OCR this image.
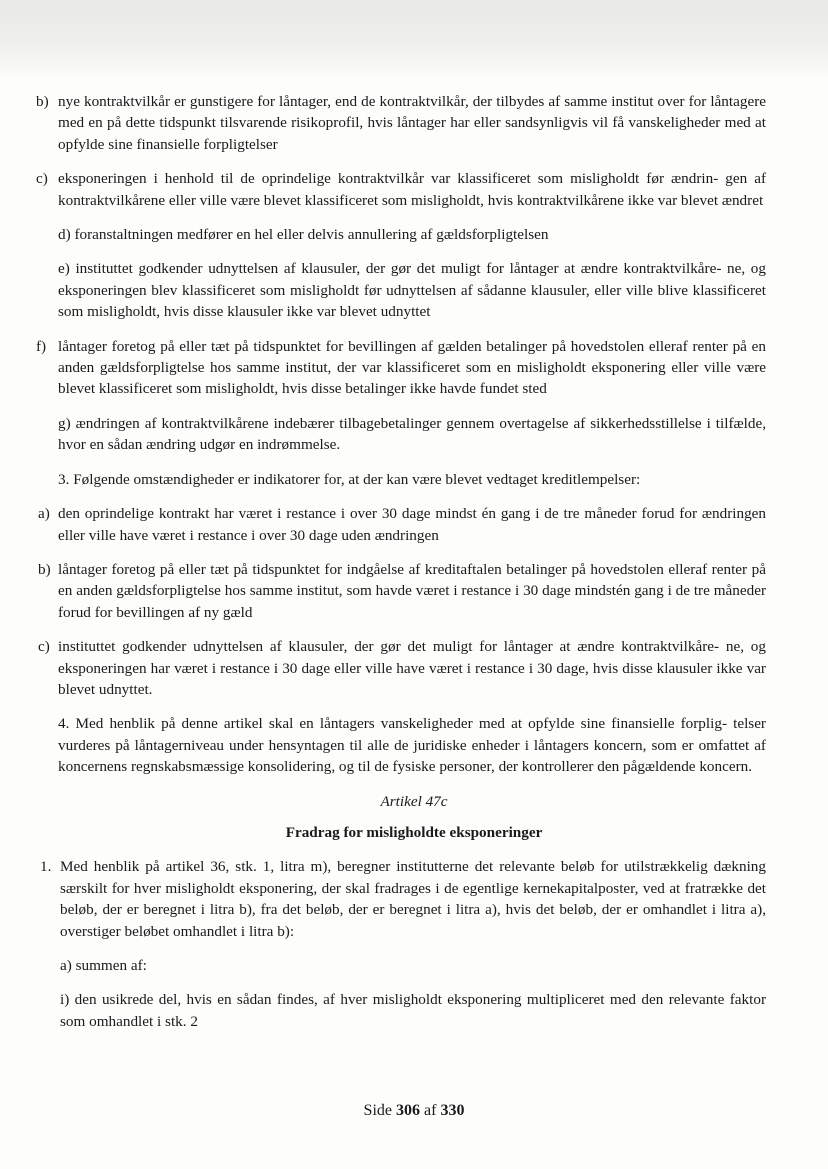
b) nye kontraktvilkår er gunstigere for låntager, end de kontraktvilkår, der tilbydes af samme institut over for låntagere med en på dette tidspunkt tilsvarende risikoprofil, hvis låntager har eller sandsynligvis vil få vanskeligheder med at opfylde sine finansielle forpligtelser
c) eksponeringen i henhold til de oprindelige kontraktvilkår var klassificeret som misligholdt før ændrin- gen af kontraktvilkårene eller ville være blevet klassificeret som misligholdt, hvis kontraktvilkårene ikke var blevet ændret
d) foranstaltningen medfører en hel eller delvis annullering af gældsforpligtelsen
e) instituttet godkender udnyttelsen af klausuler, der gør det muligt for låntager at ændre kontraktvilkåre- ne, og eksponeringen blev klassificeret som misligholdt før udnyttelsen af sådanne klausuler, eller ville blive klassificeret som misligholdt, hvis disse klausuler ikke var blevet udnyttet
f) låntager foretog på eller tæt på tidspunktet for bevillingen af gælden betalinger på hovedstolen elleraf renter på en anden gældsforpligtelse hos samme institut, der var klassificeret som en misligholdt eksponering eller ville være blevet klassificeret som misligholdt, hvis disse betalinger ikke havde fundet sted
g) ændringen af kontraktvilkårene indebærer tilbagebetalinger gennem overtagelse af sikkerhedsstillelse i tilfælde, hvor en sådan ændring udgør en indrømmelse.
3. Følgende omstændigheder er indikatorer for, at der kan være blevet vedtaget kreditlempelser:
a) den oprindelige kontrakt har været i restance i over 30 dage mindst én gang i de tre måneder forud for ændringen eller ville have været i restance i over 30 dage uden ændringen
b) låntager foretog på eller tæt på tidspunktet for indgåelse af kreditaftalen betalinger på hovedstolen elleraf renter på en anden gældsforpligtelse hos samme institut, som havde været i restance i 30 dage mindstén gang i de tre måneder forud for bevillingen af ny gæld
c) instituttet godkender udnyttelsen af klausuler, der gør det muligt for låntager at ændre kontraktvilkåre- ne, og eksponeringen har været i restance i 30 dage eller ville have været i restance i 30 dage, hvis disse klausuler ikke var blevet udnyttet.
4. Med henblik på denne artikel skal en låntagers vanskeligheder med at opfylde sine finansielle forplig- telser vurderes på låntagerniveau under hensyntagen til alle de juridiske enheder i låntagers koncern, som er omfattet af koncernens regnskabsmæssige konsolidering, og til de fysiske personer, der kontrollerer den pågældende koncern.
Artikel 47c
Fradrag for misligholdte eksponeringer
1. Med henblik på artikel 36, stk. 1, litra m), beregner institutterne det relevante beløb for utilstrækkelig dækning særskilt for hver misligholdt eksponering, der skal fradrages i de egentlige kernekapitalposter, ved at fratrække det beløb, der er beregnet i litra b), fra det beløb, der er beregnet i litra a), hvis det beløb, der er omhandlet i litra a), overstiger beløbet omhandlet i litra b):
a) summen af:
i) den usikrede del, hvis en sådan findes, af hver misligholdt eksponering multipliceret med den relevante faktor som omhandlet i stk. 2
Side 306 af 330
